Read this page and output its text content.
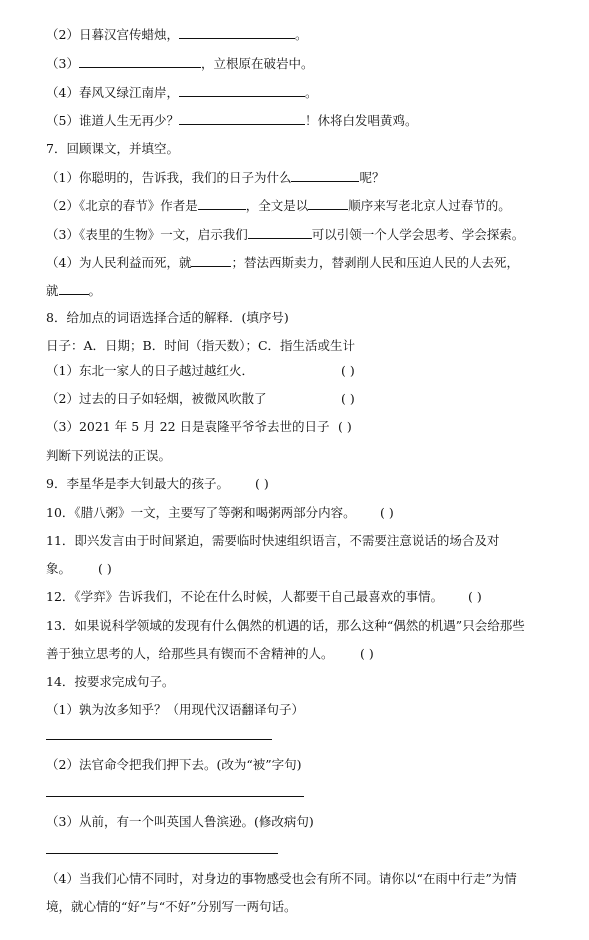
（2）日暮汉宫传蜡烛，	。
（3）	，立根原在破岩中。
（4）春风又绿江南岸，	。
（5）谁道人生无再少？	！休将白发唱黄鸡。
7．回顾课文，并填空。
（1）你聪明的，告诉我，我们的日子为什么	呢？
（2）《北京的春节》作者是	，全文是以	顺序来写老北京人过春节的。
（3）《表里的生物》一文，启示我们	可以引领一个人学会思考、学会探索。
（4）为人民利益而死，就	；替法西斯卖力，替剥削人民和压迫人民的人去死，
就 。
8．给加点的词语选择合适的解释．(填序号)
日子：A．日期；B．时间（指天数）；C．指生活或生计
（1）东北一家人的日子越过越红火．	( )
（2）过去的日子如轻烟，被微风吹散了	( )
（3）2021 年 5 月 22 日是袁隆平爷爷去世的日子 ( )
判断下列说法的正误。
9．李星华是李大钊最大的孩子。 ( )
10．《腊八粥》一文，主要写了等粥和喝粥两部分内容。 ( )
11．即兴发言由于时间紧迫，需要临时快速组织语言，不需要注意说话的场合及对
象。 ( )
12．《学弈》告诉我们，不论在什么时候，人都要干自己最喜欢的事情。 ( )
13．如果说科学领域的发现有什么偶然的机遇的话，那么这种“偶然的机遇”只会给那些
善于独立思考的人，给那些具有锲而不舍精神的人。 ( )
14．按要求完成句子。
（1）孰为汝多知乎？（用现代汉语翻译句子）
（2）法官命令把我们押下去。(改为“被”字句)
（3）从前，有一个叫英国人鲁滨逊。(修改病句)
（4）当我们心情不同时，对身边的事物感受也会有所不同。请你以“在雨中行走”为情
境，就心情的“好”与“不好”分别写一两句话。
